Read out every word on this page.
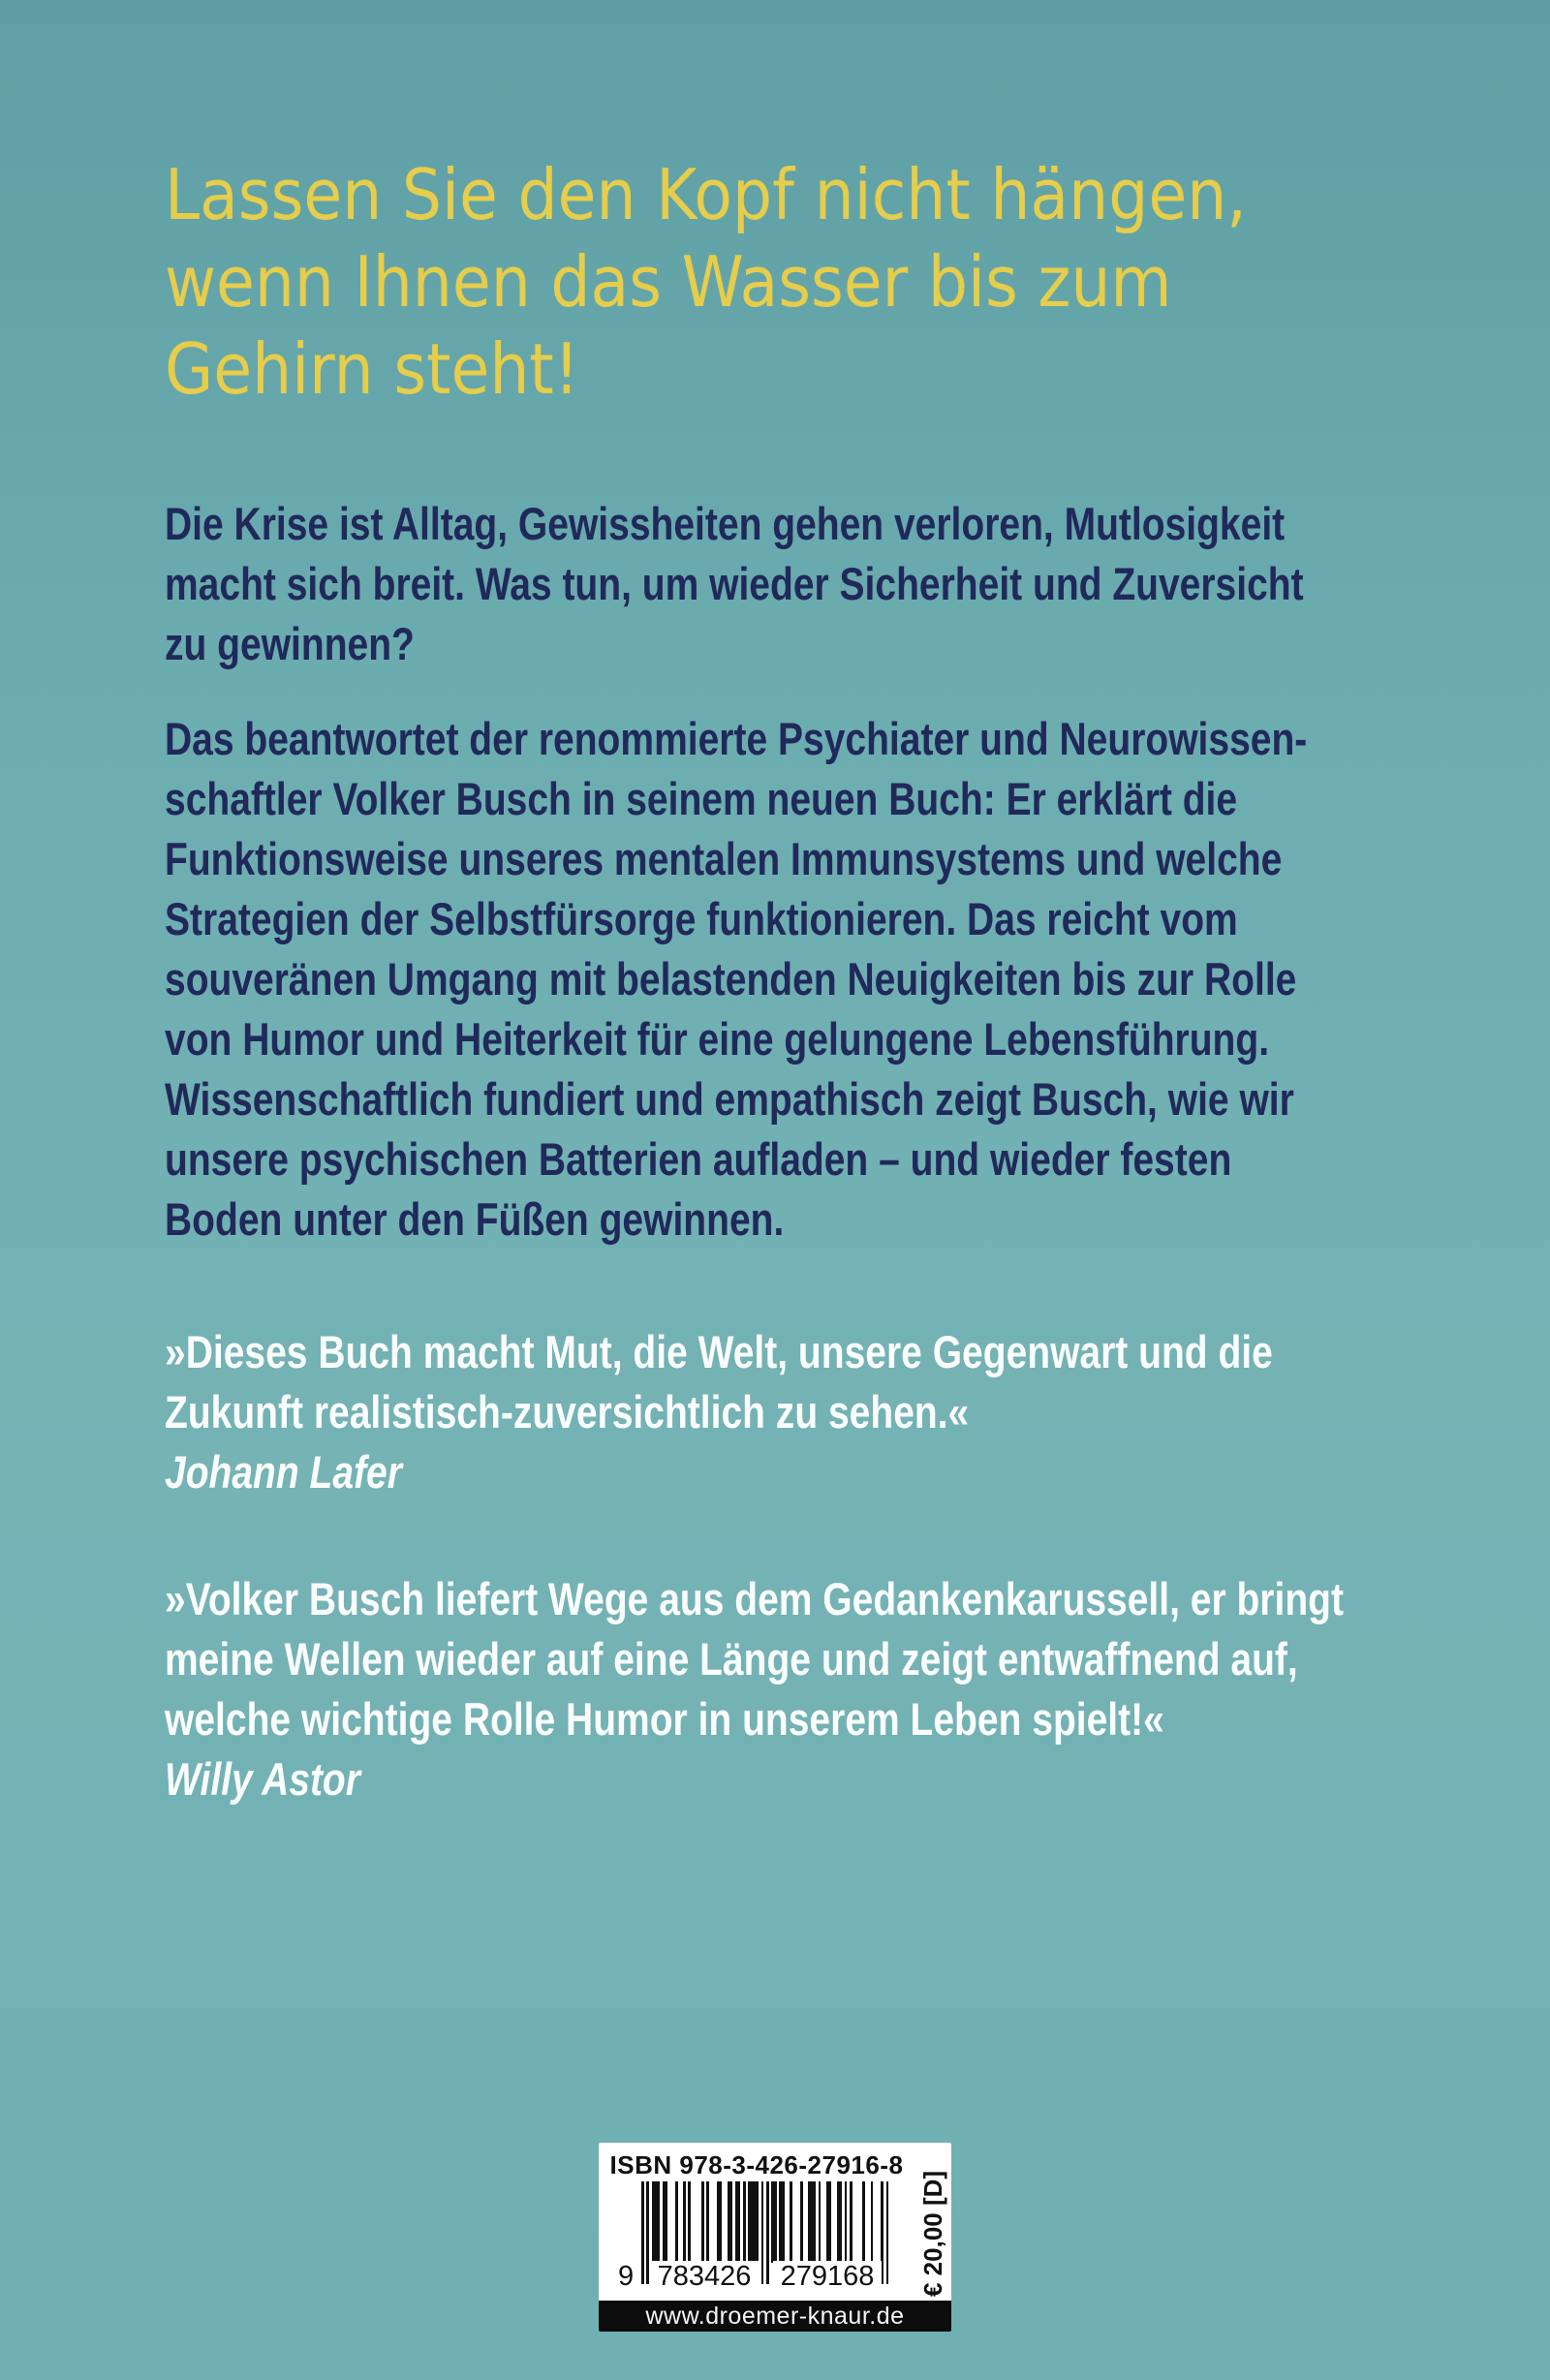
Lassen Sie den Kopf nicht hängen,
wenn Ihnen das Wasser bis zum
Gehirn steht!
Die Krise ist Alltag, Gewissheiten gehen verloren, Mutlosigkeit
macht sich breit. Was tun, um wieder Sicherheit und Zuversicht
zu gewinnen?
Das beantwortet der renommierte Psychiater und Neurowissen-
schaftler Volker Busch in seinem neuen Buch: Er erklärt die
Funktionsweise unseres mentalen Immunsystems und welche
Strategien der Selbstfürsorge funktionieren. Das reicht vom
souveränen Umgang mit belastenden Neuigkeiten bis zur Rolle
von Humor und Heiterkeit für eine gelungene Lebensführung.
Wissenschaftlich fundiert und empathisch zeigt Busch, wie wir
unsere psychischen Batterien aufladen – und wieder festen
Boden unter den Füßen gewinnen.
»Dieses Buch macht Mut, die Welt, unsere Gegenwart und die
Zukunft realistisch-zuversichtlich zu sehen.«
Johann Lafer
»Volker Busch liefert Wege aus dem Gedankenkarussell, er bringt
meine Wellen wieder auf eine Länge und zeigt entwaffnend auf,
welche wichtige Rolle Humor in unserem Leben spielt!«
Willy Astor
ISBN 978-3-426-27916-8
9 783426 279168 € 20,00 [D]
www.droemer-knaur.de
